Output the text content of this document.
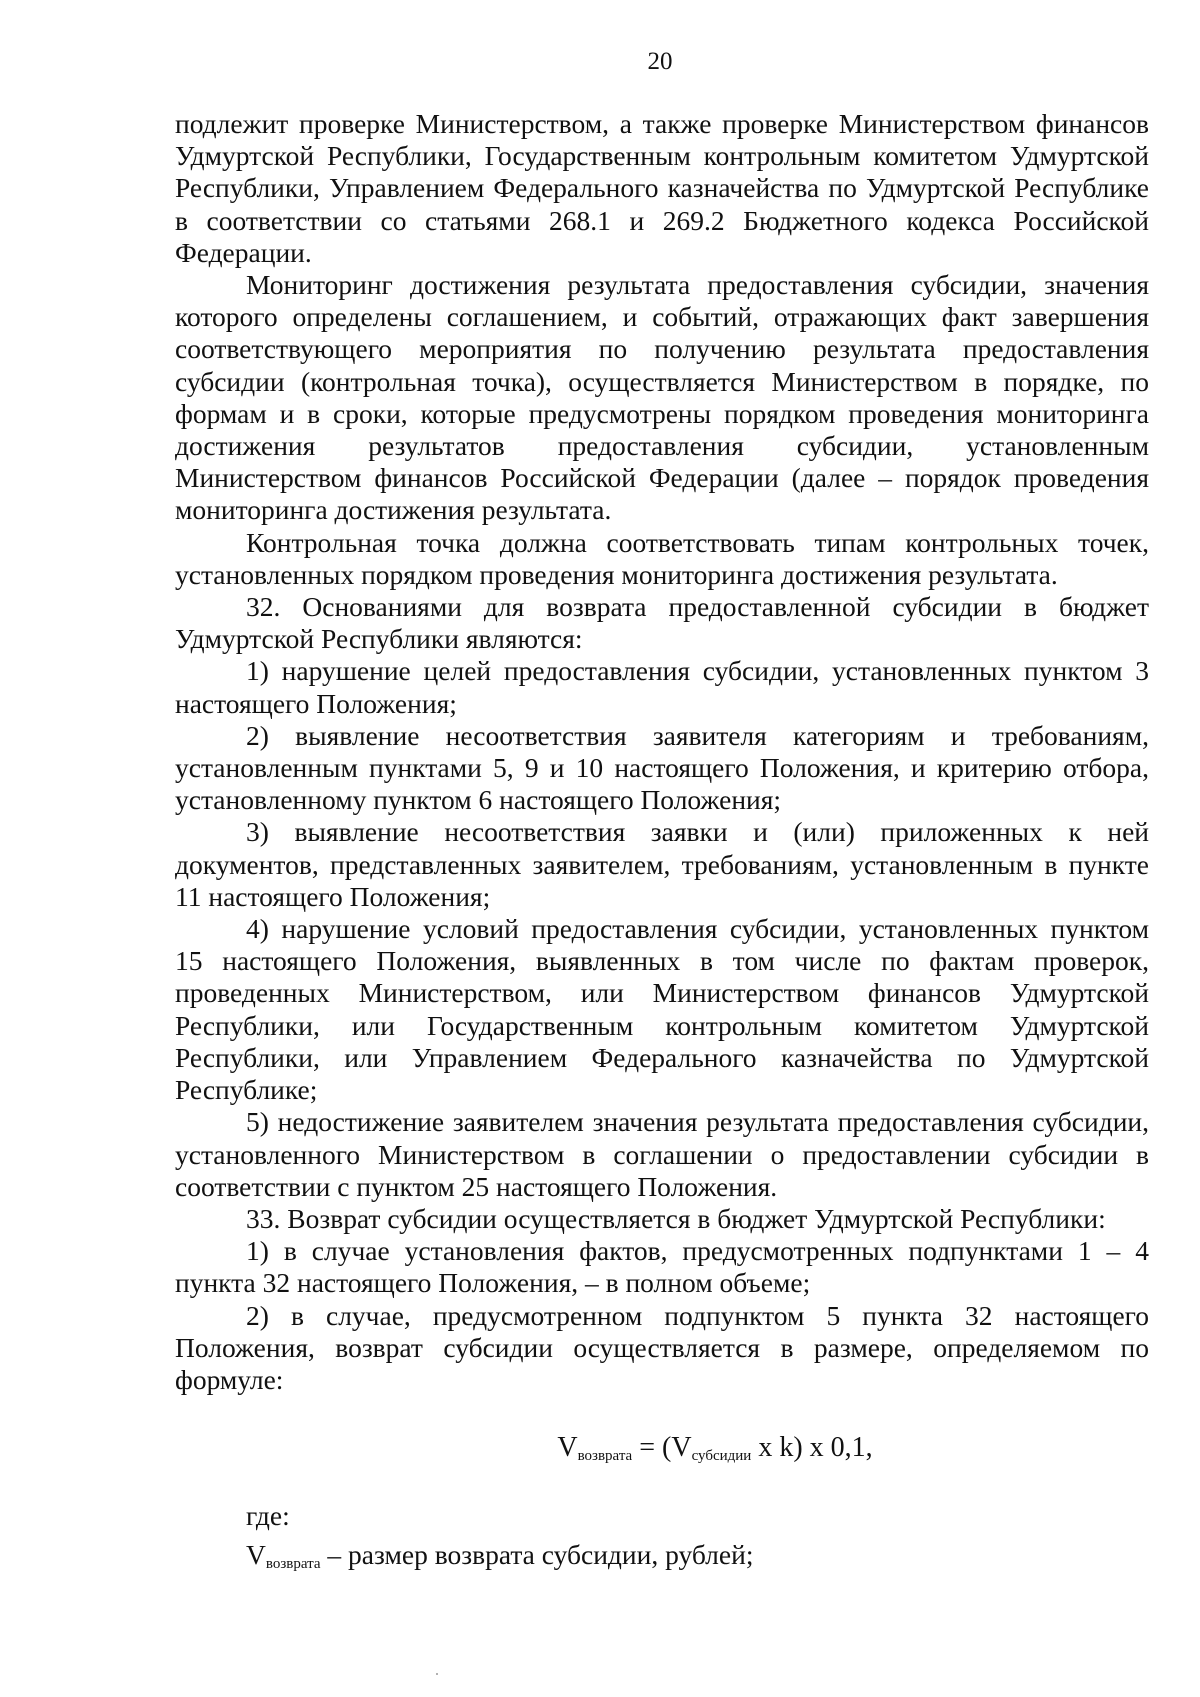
20

подлежит проверке Министерством, а также проверке Министерством финансов Удмуртской Республики, Государственным контрольным комитетом Удмуртской Республики, Управлением Федерального казначейства по Удмуртской Республике в соответствии со статьями 268.1 и 269.2 Бюджетного кодекса Российской Федерации.

Мониторинг достижения результата предоставления субсидии, значения которого определены соглашением, и событий, отражающих факт завершения соответствующего мероприятия по получению результата предоставления субсидии (контрольная точка), осуществляется Министерством в порядке, по формам и в сроки, которые предусмотрены порядком проведения мониторинга достижения результатов предоставления субсидии, установленным Министерством финансов Российской Федерации (далее – порядок проведения мониторинга достижения результата.

Контрольная точка должна соответствовать типам контрольных точек, установленных порядком проведения мониторинга достижения результата.

32. Основаниями для возврата предоставленной субсидии в бюджет Удмуртской Республики являются:

1) нарушение целей предоставления субсидии, установленных пунктом 3 настоящего Положения;

2) выявление несоответствия заявителя категориям и требованиям, установленным пунктами 5, 9 и 10 настоящего Положения, и критерию отбора, установленному пунктом 6 настоящего Положения;

3) выявление несоответствия заявки и (или) приложенных к ней документов, представленных заявителем, требованиям, установленным в пункте 11 настоящего Положения;

4) нарушение условий предоставления субсидии, установленных пунктом 15 настоящего Положения, выявленных в том числе по фактам проверок, проведенных Министерством, или Министерством финансов Удмуртской Республики, или Государственным контрольным комитетом Удмуртской Республики, или Управлением Федерального казначейства по Удмуртской Республике;

5) недостижение заявителем значения результата предоставления субсидии, установленного Министерством в соглашении о предоставлении субсидии в соответствии с пунктом 25 настоящего Положения.

33. Возврат субсидии осуществляется в бюджет Удмуртской Республики:

1) в случае установления фактов, предусмотренных подпунктами 1 – 4 пункта 32 настоящего Положения, – в полном объеме;

2) в случае, предусмотренном подпунктом 5 пункта 32 настоящего Положения, возврат субсидии осуществляется в размере, определяемом по формуле:

$V_{возврата} = (V_{субсидии}$ x k) x 0,1,
где:
$V_{возврата}$ – размер возврата субсидии, рублей;
